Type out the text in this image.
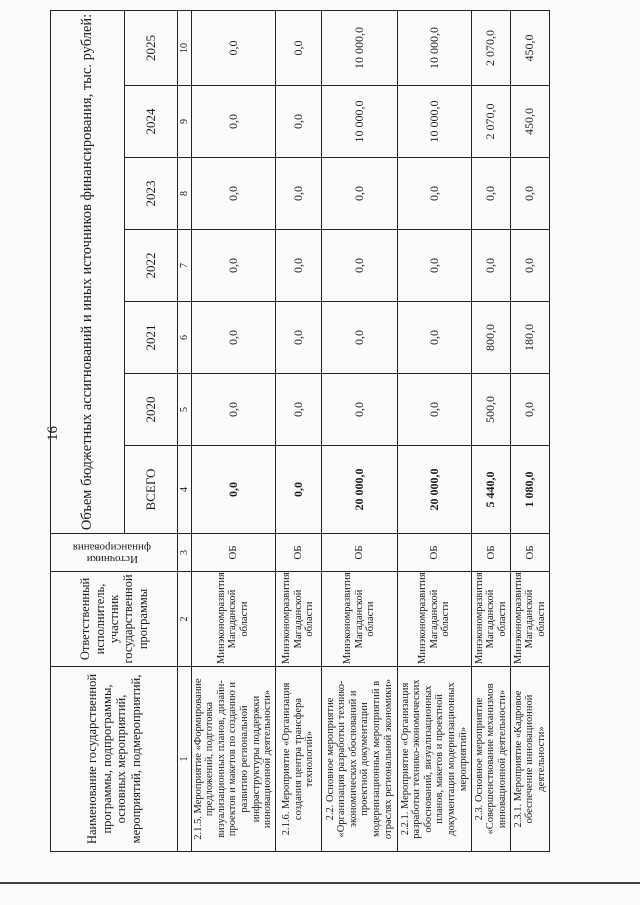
16
Наименование государственной программы, подпрограммы, основных мероприятий, мероприятий, подмероприятий,	Ответственный исполнитель, участник государственной программы	Источники финансирования	Объем бюджетных ассигнований и иных источников финансирования, тыс. рублей:						
			ВСЕГО	2020	2021	2022	2023	2024	2025
1	2	3	4	5	6	7	8	9	10
2.1.5. Мероприятие «Формирование предложений, подготовка визуализационных планов, дизайн-проектов и макетов по созданию и развитию региональной инфраструктуры поддержки инновационной деятельности»	Минэкономразвития Магаданской области	ОБ	0,0	0,0	0,0	0,0	0,0	0,0	0,0
2.1.6. Мероприятие «Организация создания центра трансфера технологий»	Минэкономразвития Магаданской области	ОБ	0,0	0,0	0,0	0,0	0,0	0,0	0,0
2.2. Основное мероприятие «Организация разработки технико-экономических обоснований и проектной документации модернизационных мероприятий в отраслях региональной экономики»	Минэкономразвития Магаданской области	ОБ	20 000,0	0,0	0,0	0,0	0,0	10 000,0	10 000,0
2.2.1. Мероприятие «Организация разработки технико-экономических обоснований, визуализационных планов, макетов и проектной документации модернизационных мероприятий»	Минэкономразвития Магаданской области	ОБ	20 000,0	0,0	0,0	0,0	0,0	10 000,0	10 000,0
2.3. Основное мероприятие «Совершенствование механизмов инновационной деятельности»	Минэкономразвития Магаданской области	ОБ	5 440,0	500,0	800,0	0,0	0,0	2 070,0	2 070,0
2.3.1. Мероприятие «Кадровое обеспечение инновационной деятельности»	Минэкономразвития Магаданской области	ОБ	1 080,0	0,0	180,0	0,0	0,0	450,0	450,0
